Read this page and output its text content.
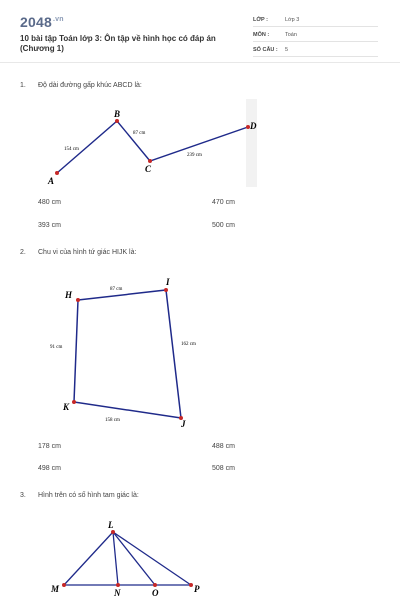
$2048^{.vn}$
10 bài tập Toán lớp 3: Ôn tập về hình học có đáp án (Chương 1)
LỚP :	Lớp 3
MÔN :	Toán
SỐ CÂU : 5
1. Độ dài đường gấp khúc ABCD là:
A
B
C
D
154 cm
87 cm
239 cm
480 cm	470 cm
393 cm	500 cm
2. Chu vi của hình tứ giác HIJK là:
H
I
J
K
87 cm
162 cm
158 cm
91 cm
178 cm	488 cm
498 cm	508 cm
3. Hình trên có số hình tam giác là:
L
M	N	O	P
